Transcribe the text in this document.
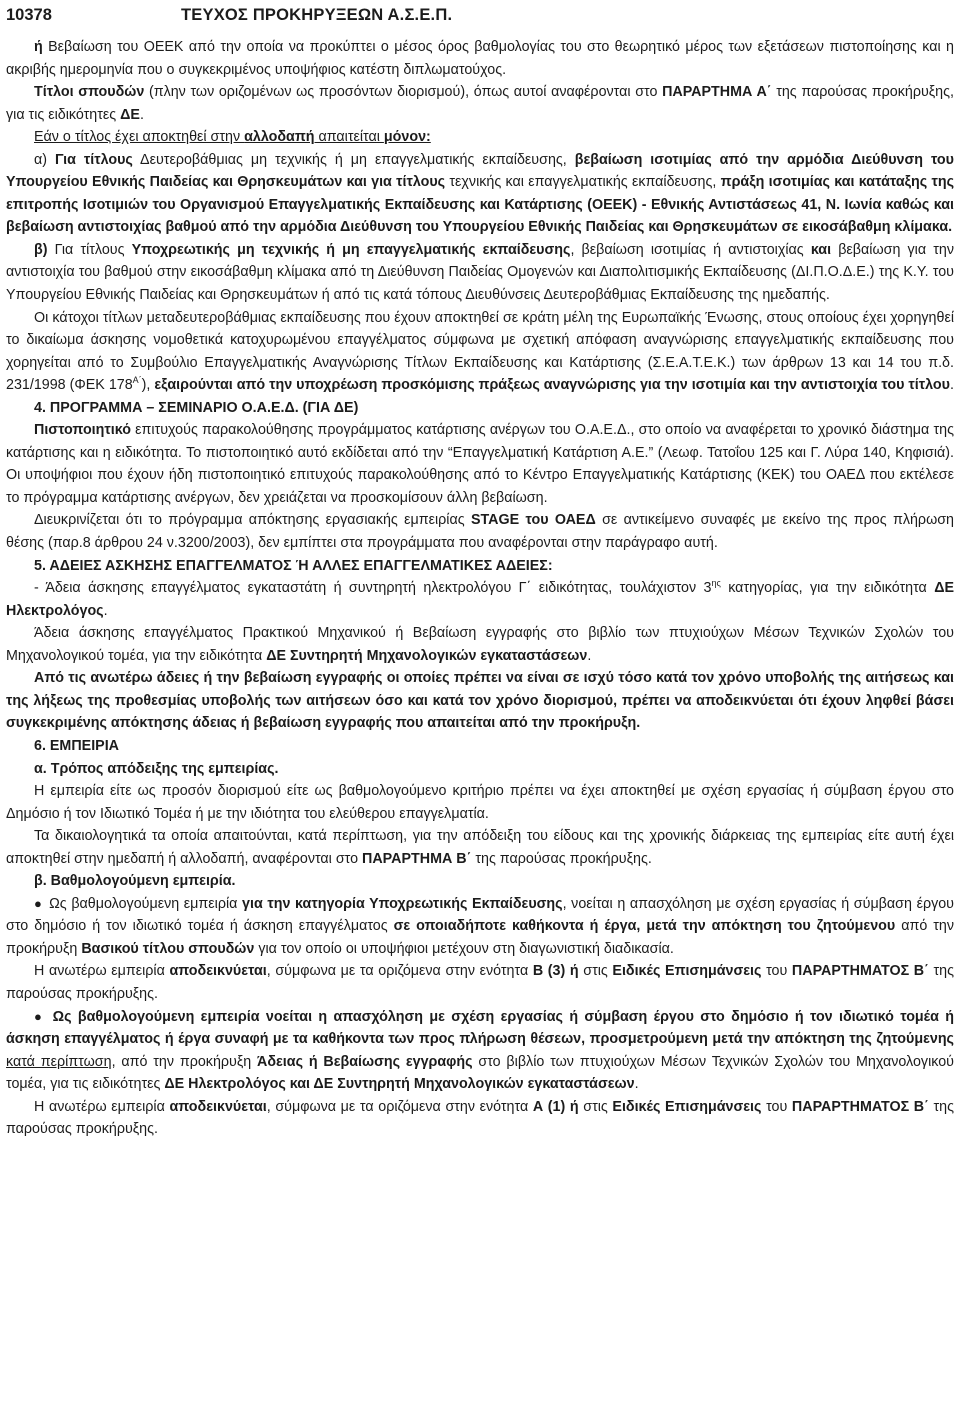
10378	ΤΕΥΧΟΣ ΠΡΟΚΗΡΥΞΕΩΝ Α.Σ.Ε.Π.

ή Βεβαίωση του ΟΕΕΚ από την οποία να προκύπτει ο μέσος όρος βαθμολογίας του στο θεωρητικό μέρος των εξετάσεων πιστοποίησης και η ακριβής ημερομηνία που ο συγκεκριμένος υποψήφιος κατέστη διπλωματούχος.

Τίτλοι σπουδών (πλην των οριζομένων ως προσόντων διορισμού), όπως αυτοί αναφέρονται στο ΠΑΡΑΡΤΗΜΑ Α΄ της παρούσας προκήρυξης, για τις ειδικότητες ΔΕ.

Εάν ο τίτλος έχει αποκτηθεί στην αλλοδαπή απαιτείται μόνον:

α) Για τίτλους Δευτεροβάθμιας μη τεχνικής ή μη επαγγελματικής εκπαίδευσης, βεβαίωση ισοτιμίας από την αρμόδια Διεύθυνση του Υπουργείου Εθνικής Παιδείας και Θρησκευμάτων και για τίτλους τεχνικής και επαγγελματικής εκπαίδευσης, πράξη ισοτιμίας και κατάταξης της επιτροπής Ισοτιμιών του Οργανισμού Επαγγελματικής Εκπαίδευσης και Κατάρτισης (ΟΕΕΚ) - Εθνικής Αντιστάσεως 41, Ν. Ιωνία καθώς και βεβαίωση αντιστοιχίας βαθμού από την αρμόδια Διεύθυνση του Υπουργείου Εθνικής Παιδείας και Θρησκευμάτων σε εικοσάβαθμη κλίμακα.

β) Για τίτλους Υποχρεωτικής μη τεχνικής ή μη επαγγελματικής εκπαίδευσης, βεβαίωση ισοτιμίας ή αντιστοιχίας και βεβαίωση για την αντιστοιχία του βαθμού στην εικοσάβαθμη κλίμακα από τη Διεύθυνση Παιδείας Ομογενών και Διαπολιτισμικής Εκπαίδευσης (ΔΙ.Π.Ο.Δ.Ε.) της Κ.Υ. του Υπουργείου Εθνικής Παιδείας και Θρησκευμάτων ή από τις κατά τόπους Διευθύνσεις Δευτεροβάθμιας Εκπαίδευσης της ημεδαπής.

Οι κάτοχοι τίτλων μεταδευτεροβάθμιας εκπαίδευσης που έχουν αποκτηθεί σε κράτη μέλη της Ευρωπαϊκής Ένωσης, στους οποίους έχει χορηγηθεί το δικαίωμα άσκησης νομοθετικά κατοχυρωμένου επαγγέλματος σύμφωνα με σχετική απόφαση αναγνώρισης επαγγελματικής εκπαίδευσης που χορηγείται από το Συμβούλιο Επαγγελματικής Αναγνώρισης Τίτλων Εκπαίδευσης και Κατάρτισης (Σ.Ε.Α.Τ.Ε.Κ.) των άρθρων 13 και 14 του π.δ. 231/1998 (ΦΕΚ $178^{A΄}$), εξαιρούνται από την υποχρέωση προσκόμισης πράξεως αναγνώρισης για την ισοτιμία και την αντιστοιχία του τίτλου.

4. ΠΡΟΓΡΑΜΜΑ – ΣΕΜΙΝΑΡΙΟ Ο.Α.Ε.Δ. (ΓΙΑ ΔΕ)

Πιστοποιητικό επιτυχούς παρακολούθησης προγράμματος κατάρτισης ανέργων του Ο.Α.Ε.Δ., στο οποίο να αναφέρεται το χρονικό διάστημα της κατάρτισης και η ειδικότητα. Το πιστοποιητικό αυτό εκδίδεται από την “Επαγγελματική Κατάρτιση Α.Ε.” (Λεωφ. Τατοΐου 125 και Γ. Λύρα 140, Κηφισιά). Οι υποψήφιοι που έχουν ήδη πιστοποιητικό επιτυχούς παρακολούθησης από το Κέντρο Επαγγελματικής Κατάρτισης (ΚΕΚ) του ΟΑΕΔ που εκτέλεσε το πρόγραμμα κατάρτισης ανέργων, δεν χρειάζεται να προσκομίσουν άλλη βεβαίωση.

Διευκρινίζεται ότι το πρόγραμμα απόκτησης εργασιακής εμπειρίας STAGE του ΟΑΕΔ σε αντικείμενο συναφές με εκείνο της προς πλήρωση θέσης (παρ.8 άρθρου 24 ν.3200/2003), δεν εμπίπτει στα προγράμματα που αναφέρονται στην παράγραφο αυτή.

5. ΑΔΕΙΕΣ ΑΣΚΗΣΗΣ ΕΠΑΓΓΕΛΜΑΤΟΣ Ή ΑΛΛΕΣ ΕΠΑΓΓΕΛΜΑΤΙΚΕΣ ΑΔΕΙΕΣ:

- Άδεια άσκησης επαγγέλματος εγκαταστάτη ή συντηρητή ηλεκτρολόγου Γ΄ ειδικότητας, τουλάχιστον $3^{\eta\varsigma}$ κατηγορίας, για την ειδικότητα ΔΕ Ηλεκτρολόγος.

Άδεια άσκησης επαγγέλματος Πρακτικού Μηχανικού ή Βεβαίωση εγγραφής στο βιβλίο των πτυχιούχων Μέσων Τεχνικών Σχολών του Μηχανολογικού τομέα, για την ειδικότητα ΔΕ Συντηρητή Μηχανολογικών εγκαταστάσεων.

Από τις ανωτέρω άδειες ή την βεβαίωση εγγραφής οι οποίες πρέπει να είναι σε ισχύ τόσο κατά τον χρόνο υποβολής της αιτήσεως και της λήξεως της προθεσμίας υποβολής των αιτήσεων όσο και κατά τον χρόνο διορισμού, πρέπει να αποδεικνύεται ότι έχουν ληφθεί βάσει συγκεκριμένης απόκτησης άδειας ή βεβαίωση εγγραφής που απαιτείται από την προκήρυξη.

6. ΕΜΠΕΙΡΙΑ

α. Τρόπος απόδειξης της εμπειρίας.

Η εμπειρία είτε ως προσόν διορισμού είτε ως βαθμολογούμενο κριτήριο πρέπει να έχει αποκτηθεί με σχέση εργασίας ή σύμβαση έργου στο Δημόσιο ή τον Ιδιωτικό Τομέα ή με την ιδιότητα του ελεύθερου επαγγελματία.

Τα δικαιολογητικά τα οποία απαιτούνται, κατά περίπτωση, για την απόδειξη του είδους και της χρονικής διάρκειας της εμπειρίας είτε αυτή έχει αποκτηθεί στην ημεδαπή ή αλλοδαπή, αναφέρονται στο ΠΑΡΑΡΤΗΜΑ Β΄ της παρούσας προκήρυξης.

β. Βαθμολογούμενη εμπειρία.

● Ως βαθμολογούμενη εμπειρία για την κατηγορία Υποχρεωτικής Εκπαίδευσης, νοείται η απασχόληση με σχέση εργασίας ή σύμβαση έργου στο δημόσιο ή τον ιδιωτικό τομέα ή άσκηση επαγγέλματος σε οποιαδήποτε καθήκοντα ή έργα, μετά την απόκτηση του ζητούμενου από την προκήρυξη Βασικού τίτλου σπουδών για τον οποίο οι υποψήφιοι μετέχουν στη διαγωνιστική διαδικασία.

Η ανωτέρω εμπειρία αποδεικνύεται, σύμφωνα με τα οριζόμενα στην ενότητα Β (3) ή στις Ειδικές Επισημάνσεις του ΠΑΡΑΡΤΗΜΑΤΟΣ Β΄ της παρούσας προκήρυξης.

● Ως βαθμολογούμενη εμπειρία νοείται η απασχόληση με σχέση εργασίας ή σύμβαση έργου στο δημόσιο ή τον ιδιωτικό τομέα ή άσκηση επαγγέλματος ή έργα συναφή με τα καθήκοντα των προς πλήρωση θέσεων, προσμετρούμενη μετά την απόκτηση της ζητούμενης κατά περίπτωση, από την προκήρυξη Άδειας ή Βεβαίωσης εγγραφής στο βιβλίο των πτυχιούχων Μέσων Τεχνικών Σχολών του Μηχανολογικού τομέα, για τις ειδικότητες ΔΕ Ηλεκτρολόγος και ΔΕ Συντηρητή Μηχανολογικών εγκαταστάσεων.

Η ανωτέρω εμπειρία αποδεικνύεται, σύμφωνα με τα οριζόμενα στην ενότητα Α (1) ή στις Ειδικές Επισημάνσεις του ΠΑΡΑΡΤΗΜΑΤΟΣ Β΄ της παρούσας προκήρυξης.
